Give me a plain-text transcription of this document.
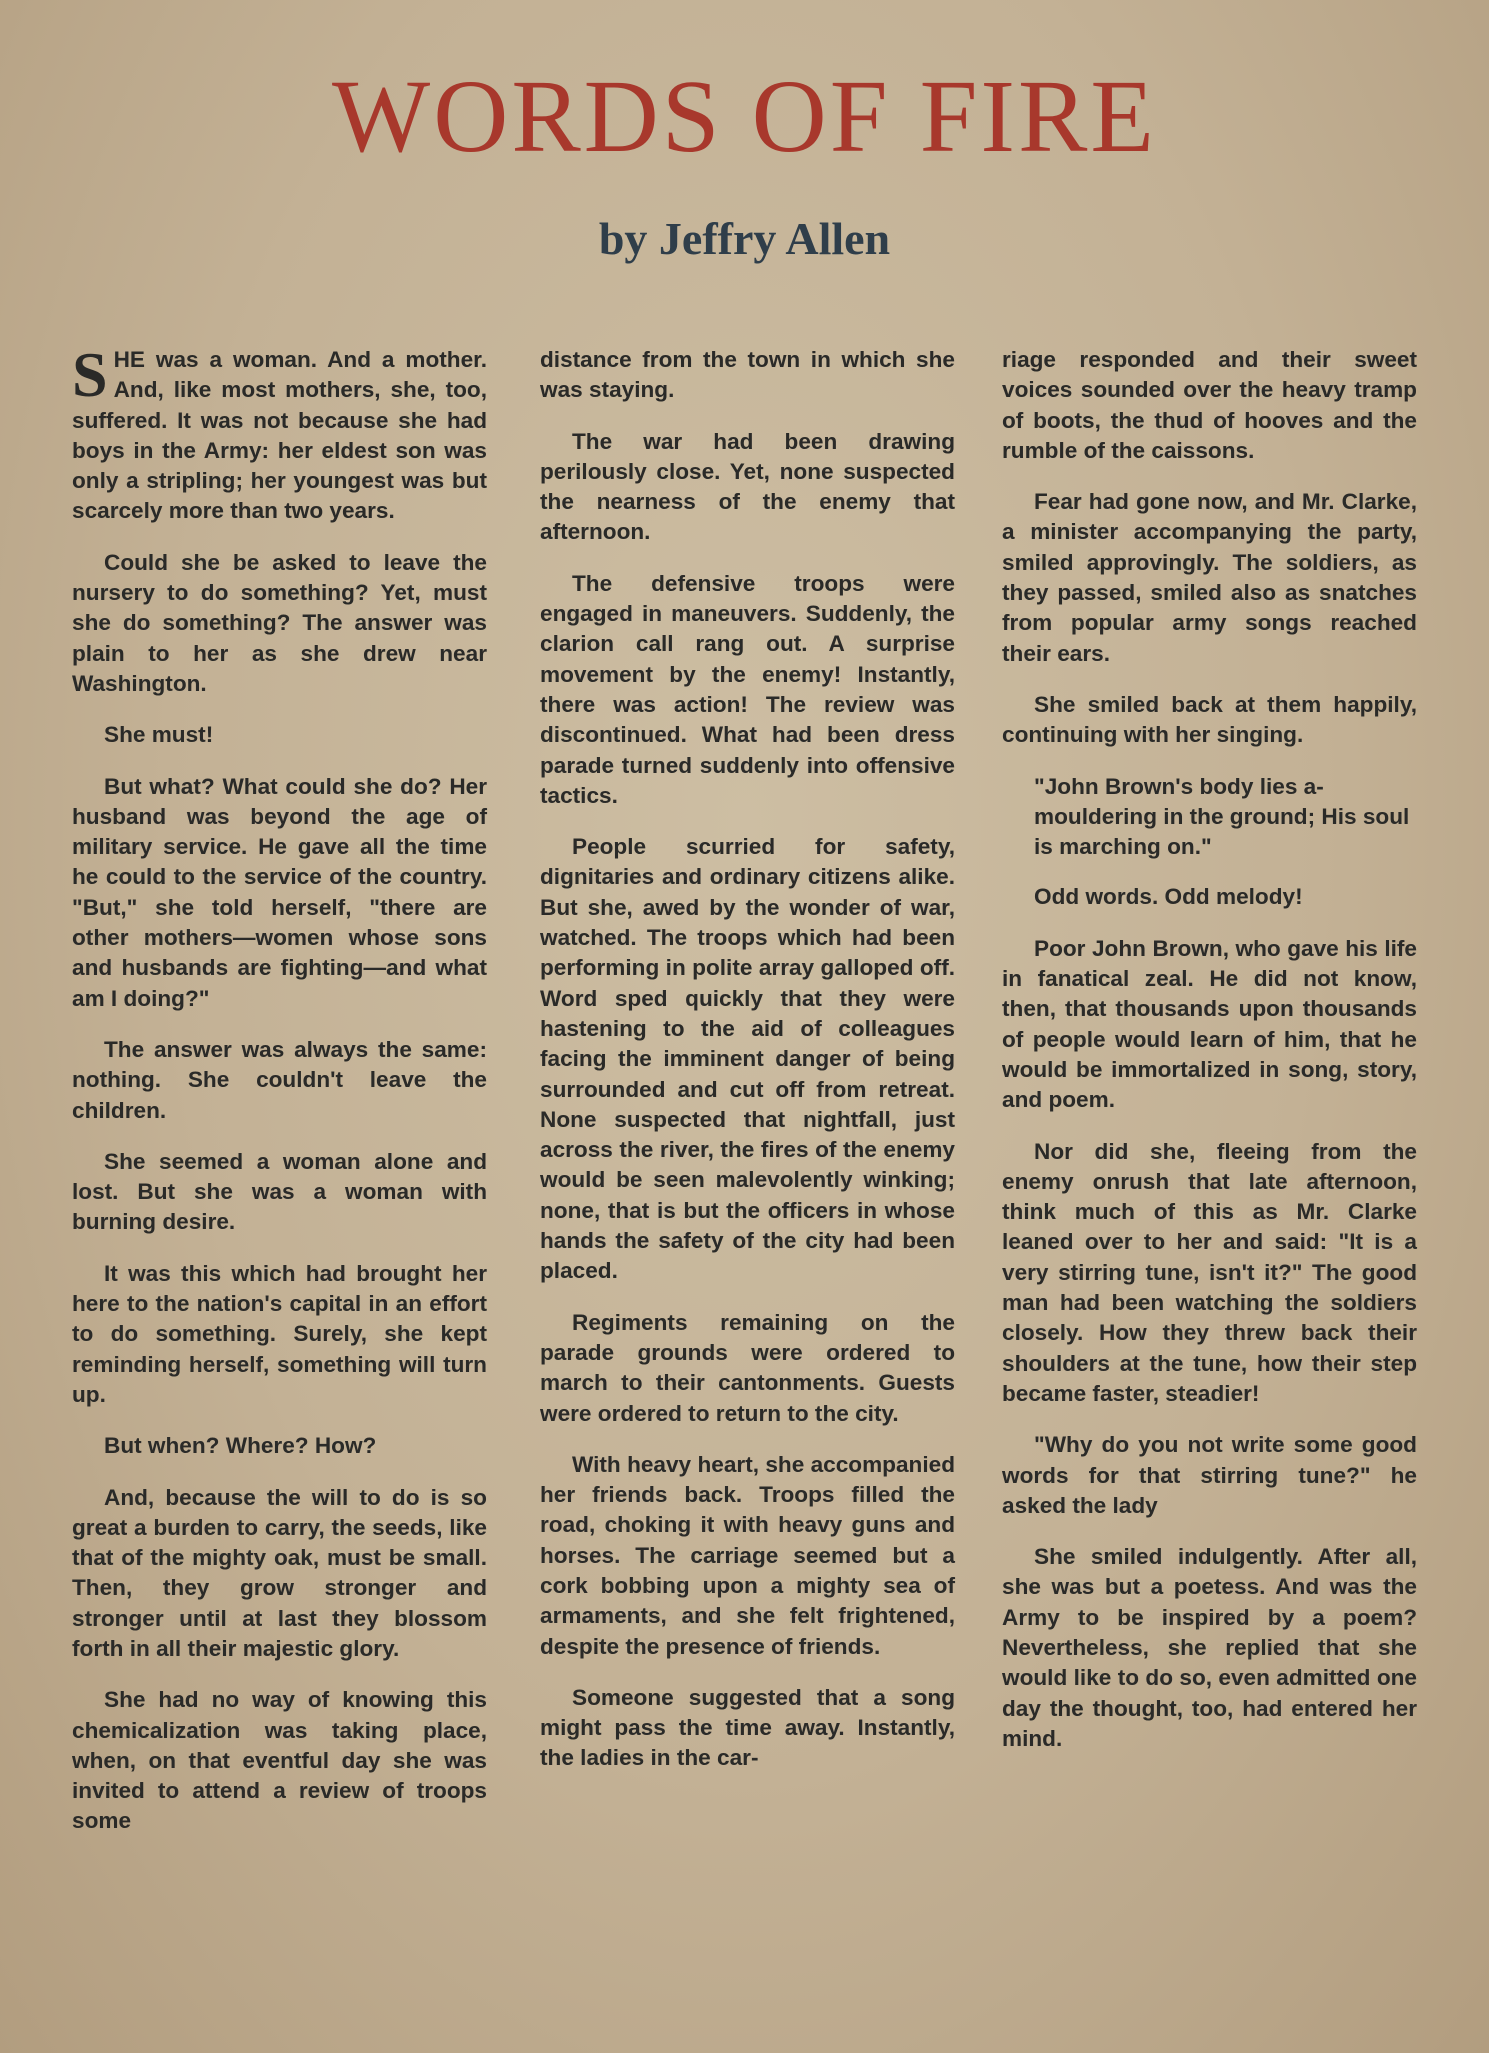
WORDS OF FIRE
by Jeffry Allen

SHE was a woman. And a mother. And, like most mothers, she, too, suffered. It was not because she had boys in the Army: her eldest son was only a stripling; her youngest was but scarcely more than two years.

Could she be asked to leave the nursery to do something? Yet, must she do something? The answer was plain to her as she drew near Washington.

She must!

But what? What could she do? Her husband was beyond the age of military service. He gave all the time he could to the service of the country. "But," she told herself, "there are other mothers—women whose sons and husbands are fighting—and what am I doing?"

The answer was always the same: nothing. She couldn't leave the children.

She seemed a woman alone and lost. But she was a woman with burning desire.

It was this which had brought her here to the nation's capital in an effort to do something. Surely, she kept reminding herself, something will turn up.

But when? Where? How?

And, because the will to do is so great a burden to carry, the seeds, like that of the mighty oak, must be small. Then, they grow stronger and stronger until at last they blossom forth in all their majestic glory.

She had no way of knowing this chemicalization was taking place, when, on that eventful day she was invited to attend a review of troops some

distance from the town in which she was staying.

The war had been drawing perilously close. Yet, none suspected the nearness of the enemy that afternoon.

The defensive troops were engaged in maneuvers. Suddenly, the clarion call rang out. A surprise movement by the enemy! Instantly, there was action! The review was discontinued. What had been dress parade turned suddenly into offensive tactics.

People scurried for safety, dignitaries and ordinary citizens alike. But she, awed by the wonder of war, watched. The troops which had been performing in polite array galloped off. Word sped quickly that they were hastening to the aid of colleagues facing the imminent danger of being surrounded and cut off from retreat. None suspected that nightfall, just across the river, the fires of the enemy would be seen malevolently winking; none, that is but the officers in whose hands the safety of the city had been placed.

Regiments remaining on the parade grounds were ordered to march to their cantonments. Guests were ordered to return to the city.

With heavy heart, she accompanied her friends back. Troops filled the road, choking it with heavy guns and horses. The carriage seemed but a cork bobbing upon a mighty sea of armaments, and she felt frightened, despite the presence of friends.

Someone suggested that a song might pass the time away. Instantly, the ladies in the car-

riage responded and their sweet voices sounded over the heavy tramp of boots, the thud of hooves and the rumble of the caissons.

Fear had gone now, and Mr. Clarke, a minister accompanying the party, smiled approvingly. The soldiers, as they passed, smiled also as snatches from popular army songs reached their ears.

She smiled back at them happily, continuing with her singing.

"John Brown's body lies a-mouldering in the ground; His soul is marching on."

Odd words. Odd melody!

Poor John Brown, who gave his life in fanatical zeal. He did not know, then, that thousands upon thousands of people would learn of him, that he would be immortalized in song, story, and poem.

Nor did she, fleeing from the enemy onrush that late afternoon, think much of this as Mr. Clarke leaned over to her and said: "It is a very stirring tune, isn't it?" The good man had been watching the soldiers closely. How they threw back their shoulders at the tune, how their step became faster, steadier!

"Why do you not write some good words for that stirring tune?" he asked the lady

She smiled indulgently. After all, she was but a poetess. And was the Army to be inspired by a poem? Nevertheless, she replied that she would like to do so, even admitted one day the thought, too, had entered her mind.
